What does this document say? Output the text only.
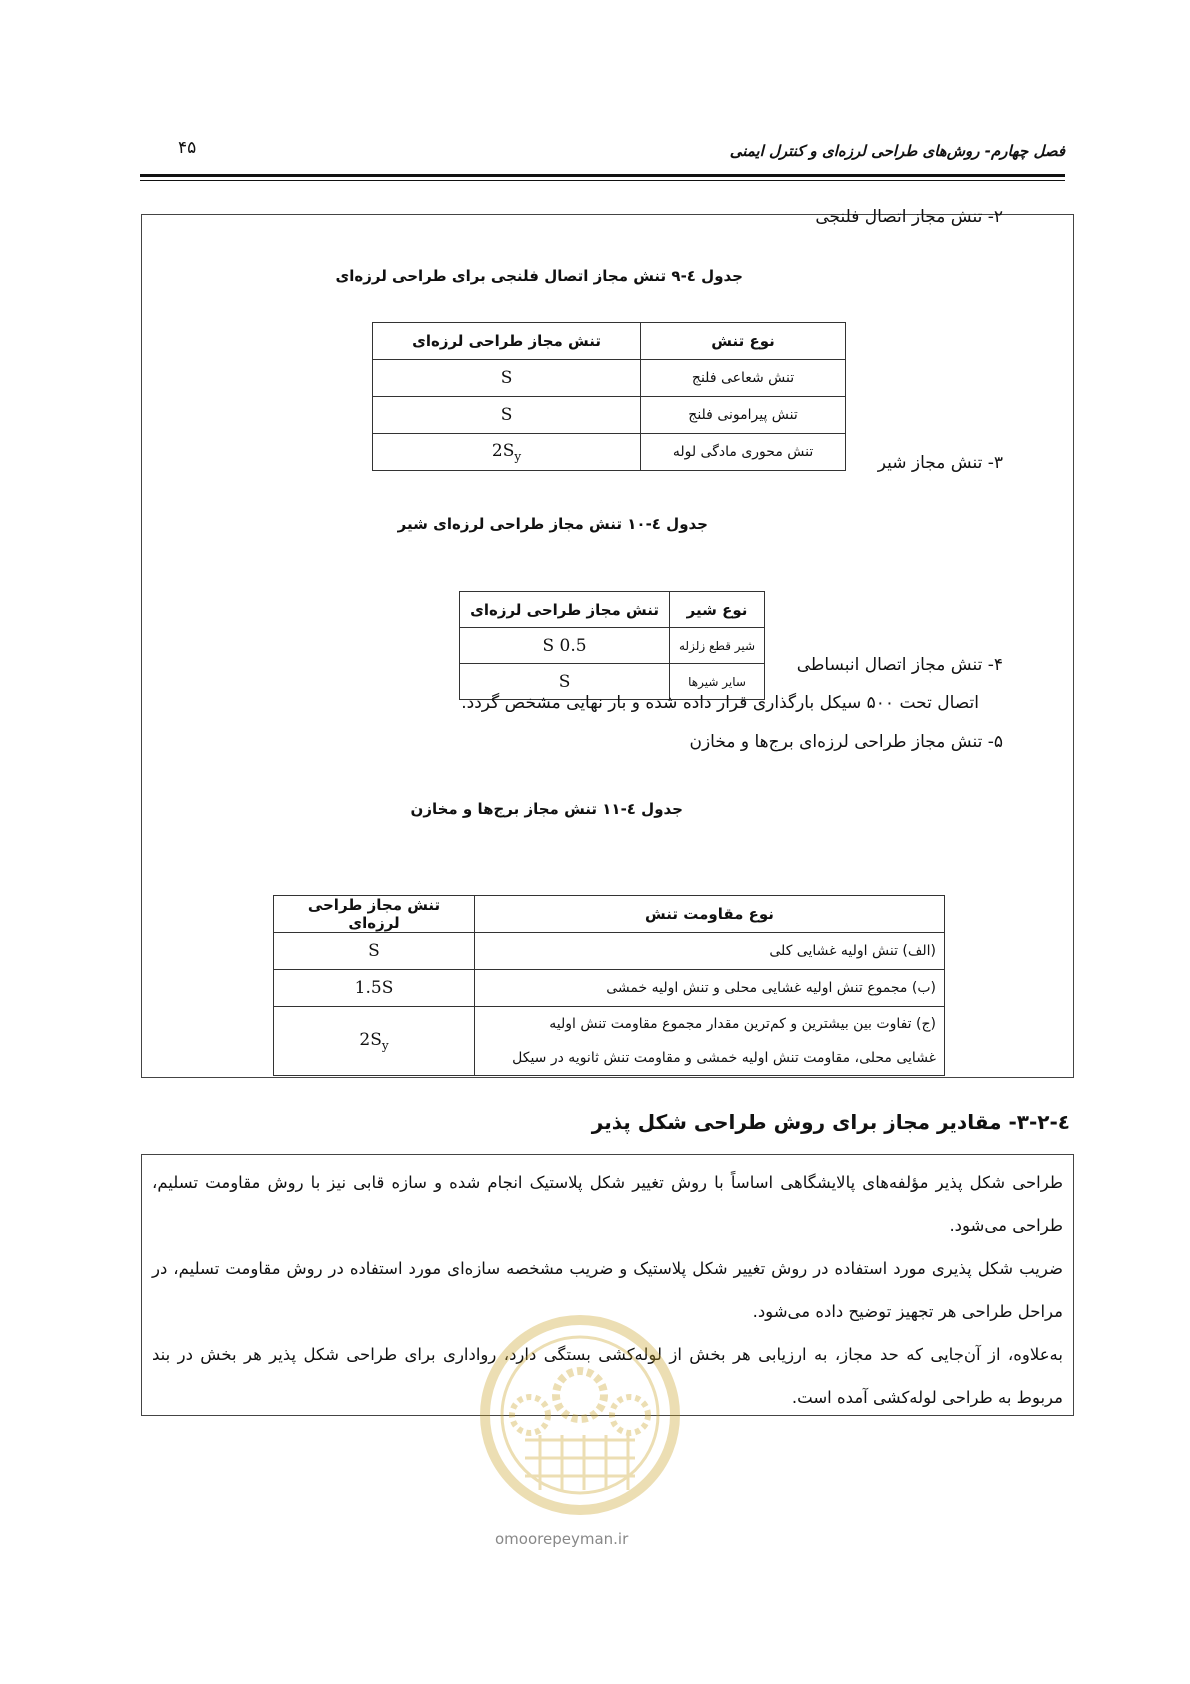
فصل چهارم- روش‌های طراحی لرزه‌ای و کنترل ایمنی
۴۵
۲- تنش مجاز اتصال فلنجی
جدول ٤-۹ تنش مجاز اتصال فلنجی برای طراحی لرزه‌ای
نوع تنش	تنش مجاز طراحی لرزه‌ای
تنش شعاعی فلنج	S
تنش پیرامونی فلنج	S
تنش محوری مادگی لوله	$2S_y$	۳- تنش مجاز شیر
جدول ٤-۱۰ تنش مجاز طراحی لرزه‌ای شیر
نوع شیر	تنش مجاز طراحی لرزه‌ای
شیر قطع زلزله	0.5 S
سایر شیرها	S
۴- تنش مجاز اتصال انبساطی
اتصال تحت ۵۰۰ سیکل بارگذاری قرار داده شده و بار نهایی مشخص گردد.
۵- تنش مجاز طراحی لرزه‌ای برج‌ها و مخازن
جدول ٤-۱۱ تنش مجاز برج‌ها و مخازن
نوع مقاومت تنش	تنش مجاز طراحی لرزه‌ای
(الف) تنش اولیه غشایی کلی	S
(ب) مجموع تنش اولیه غشایی محلی و تنش اولیه خمشی	1.5S

(ج) تفاوت بین بیشترین و کم‌ترین مقدار مجموع مقاومت تنش اولیه
غشایی محلی، مقاومت تنش اولیه خمشی و مقاومت تنش ثانویه در سیکل	$2S_y$
٤-۳-۲- مقادیر مجاز برای روش طراحی شکل پذیر

طراحی شکل پذیر مؤلفه‌های پالایشگاهی اساساً با روش تغییر شکل پلاستیک انجام شده و سازه قابی نیز با روش مقاومت تسلیم، طراحی می‌شود.

ضریب شکل پذیری مورد استفاده در روش تغییر شکل پلاستیک و ضریب مشخصه سازه‌ای مورد استفاده در روش مقاومت تسلیم، در مراحل طراحی هر تجهیز توضیح داده می‌شود.

به‌علاوه، از آن‌جایی که حد مجاز، به ارزیابی هر بخش از لوله‌کشی بستگی دارد، رواداری برای طراحی شکل پذیر هر بخش در بند مربوط به طراحی لوله‌کشی آمده است.

omoorepeyman.ir
